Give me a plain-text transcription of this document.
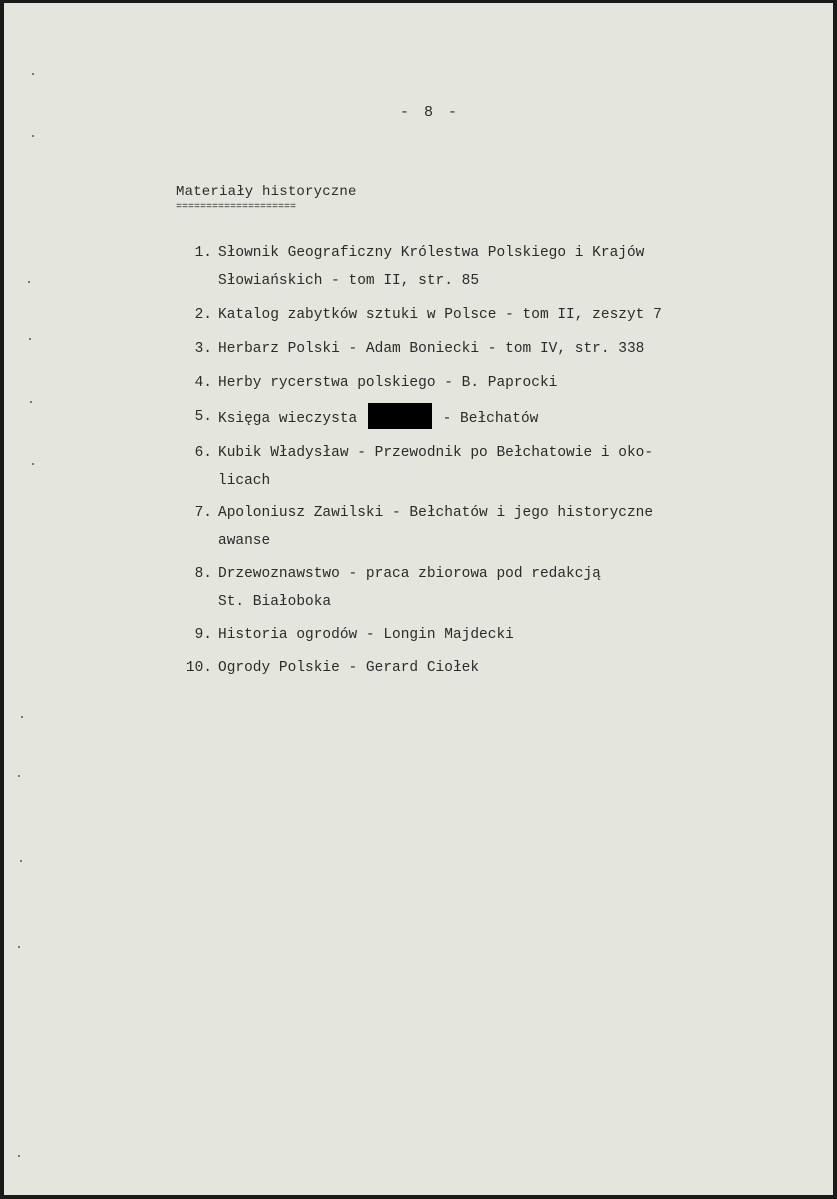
- 8 -
Materiały historyczne
====================
1. Słownik Geograficzny Królestwa Polskiego i Krajów
Słowiańskich - tom II, str. 85
2. Katalog zabytków sztuki w Polsce - tom II, zeszyt 7
3. Herbarz Polski - Adam Boniecki - tom IV, str. 338
4. Herby rycerstwa polskiego - B. Paprocki
5. Księga wieczysta	- Bełchatów
6. Kubik Władysław - Przewodnik po Bełchatowie i oko-
licach
7. Apoloniusz Zawilski - Bełchatów i jego historyczne
awanse
8. Drzewoznawstwo - praca zbiorowa pod redakcją
St. Białoboka
9. Historia ogrodów - Longin Majdecki
10. Ogrody Polskie - Gerard Ciołek
